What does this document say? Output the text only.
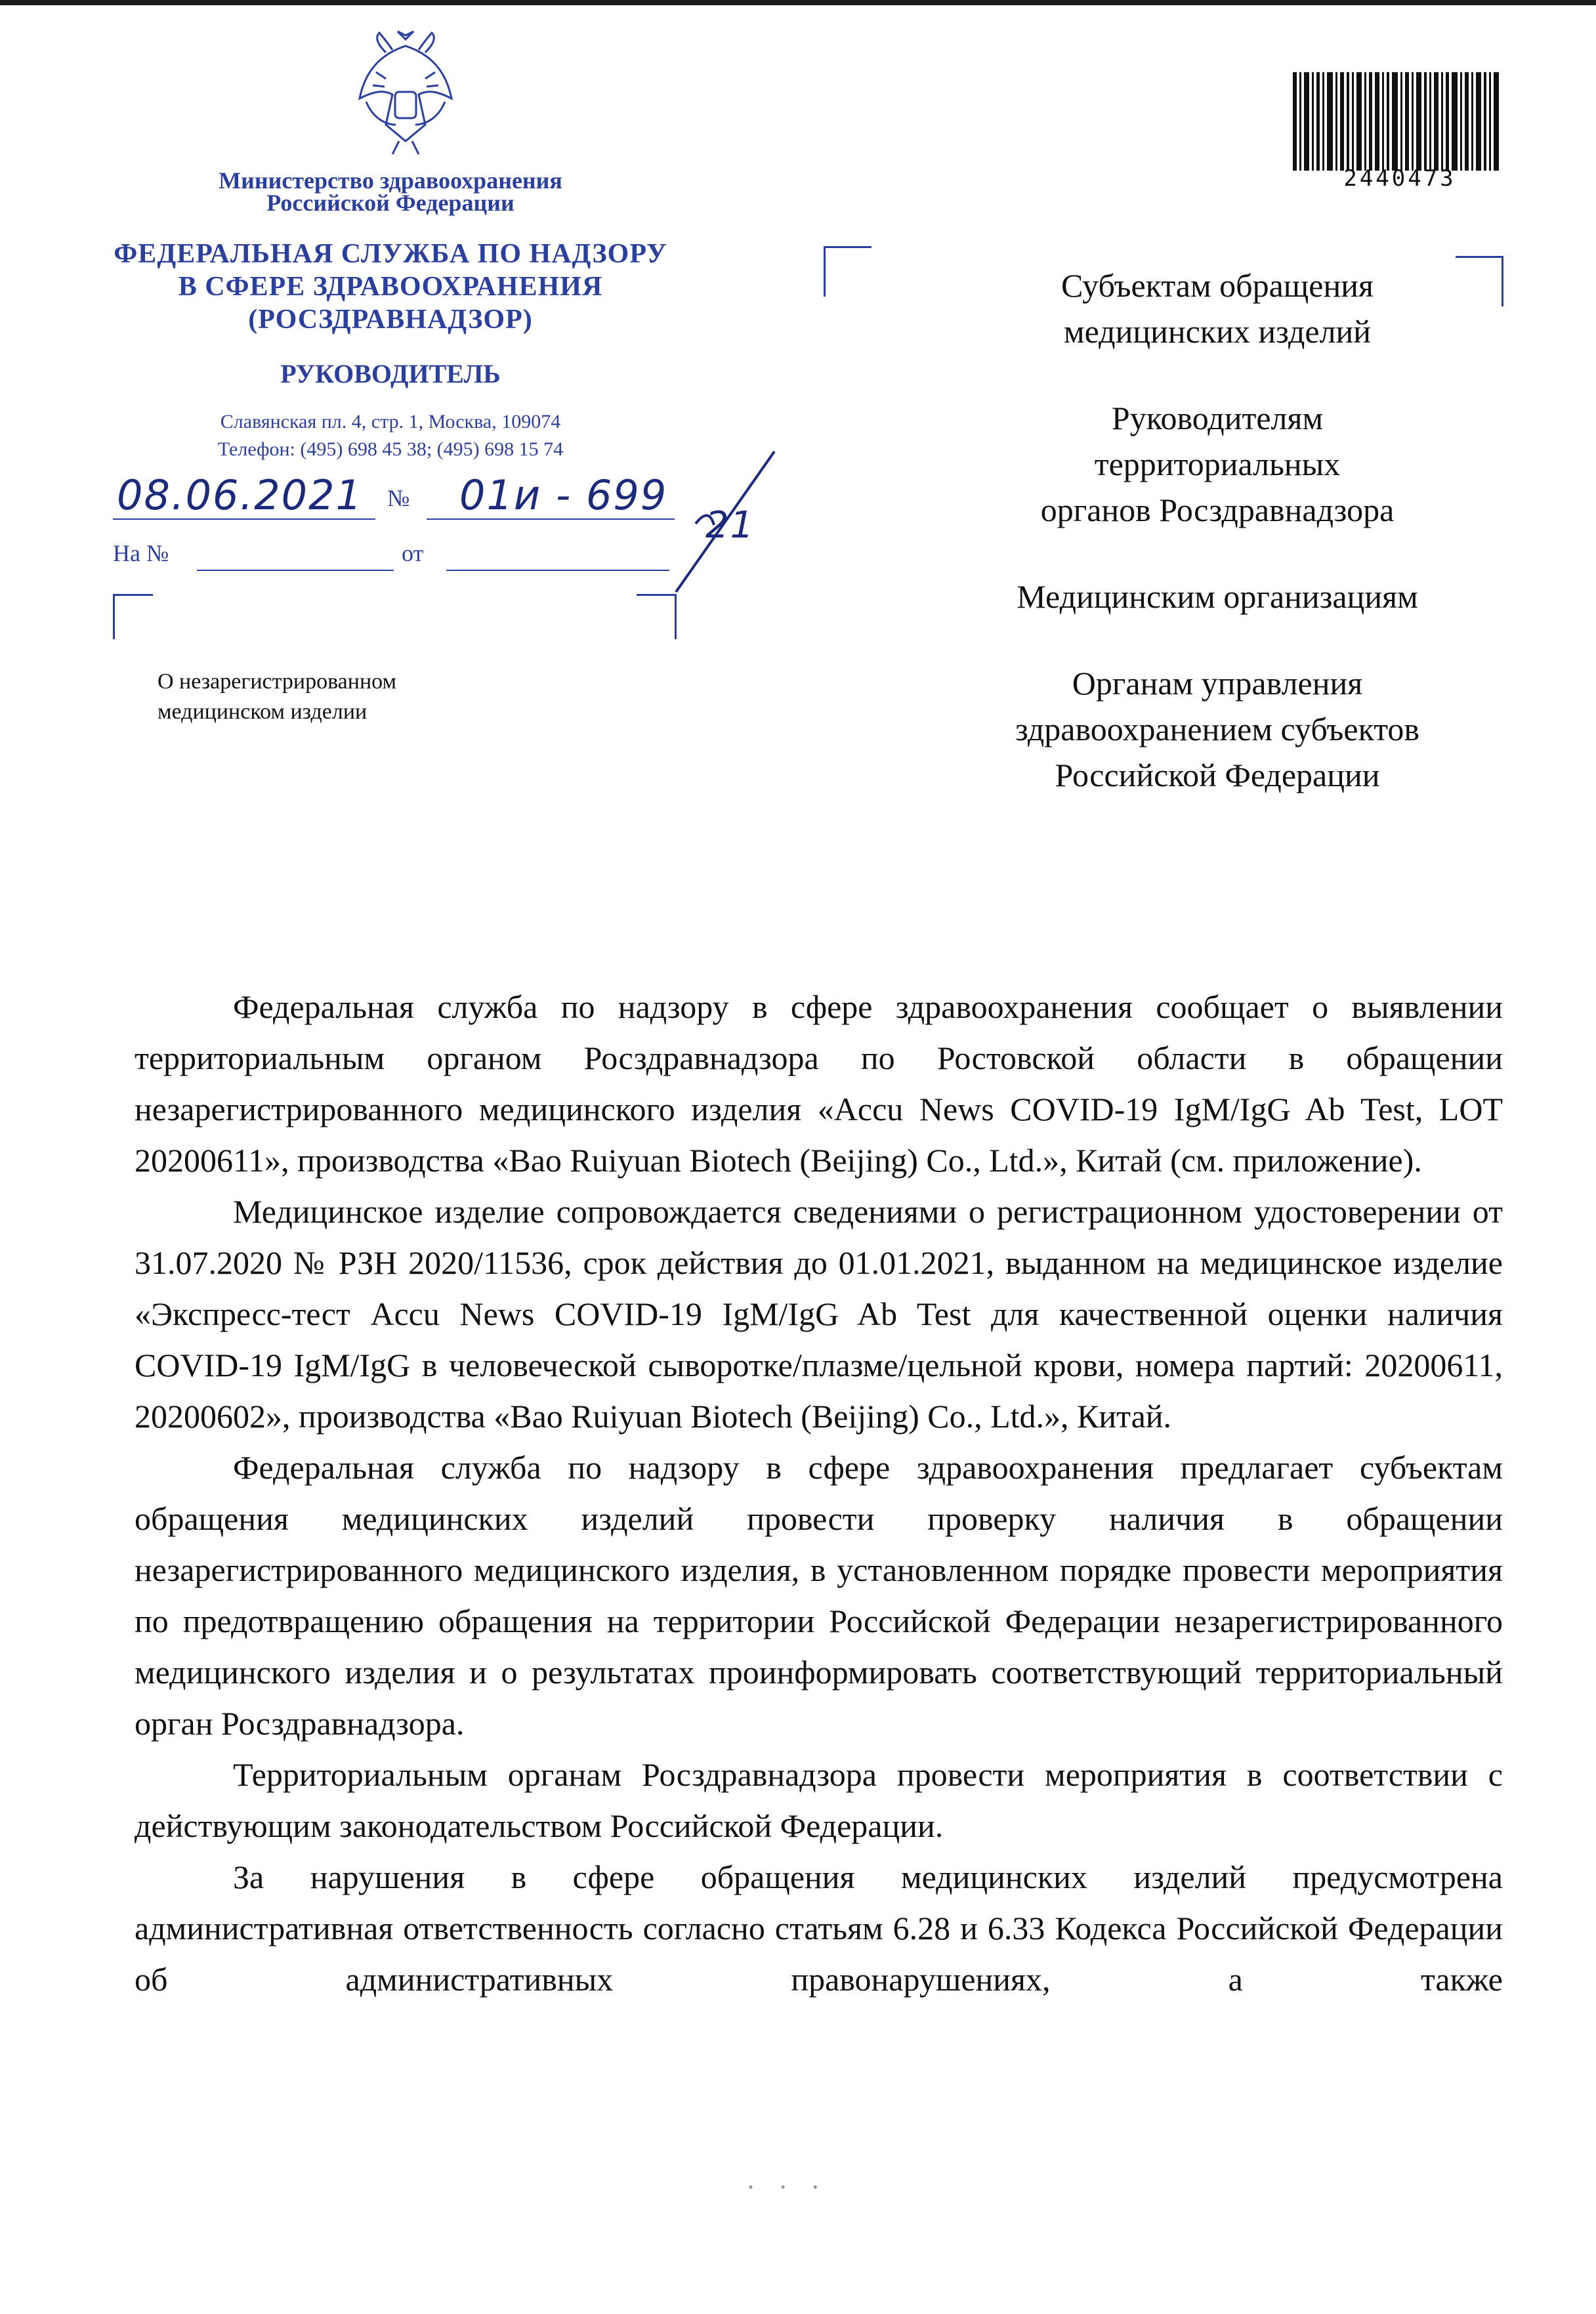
Министерство здравоохранения
Российской Федерации
ФЕДЕРАЛЬНАЯ СЛУЖБА ПО НАДЗОРУ
В СФЕРЕ ЗДРАВООХРАНЕНИЯ
(РОСЗДРАВНАДЗОР)
РУКОВОДИТЕЛЬ
Славянская пл. 4, стр. 1, Москва, 109074
Телефон: (495) 698 45 38; (495) 698 15 74
08.06.2021 № 01и - 699
21
На №	от
О незарегистрированном
медицинском изделии
2440473
Субъектам обращения
медицинских изделий
Руководителям
территориальных
органов Росздравнадзора
Медицинским организациям
Органам управления
здравоохранением субъектов
Российской Федерации

Федеральная служба по надзору в сфере здравоохранения сообщает о выявлении территориальным органом Росздравнадзора по Ростовской области в обращении незарегистрированного медицинского изделия «Accu News COVID-19 IgM/IgG Ab Test, LOT 20200611», производства «Bao Ruiyuan Biotech (Beijing) Co., Ltd.», Китай (см. приложение).

Медицинское изделие сопровождается сведениями о регистрационном удостоверении от 31.07.2020 № РЗН 2020/11536, срок действия до 01.01.2021, выданном на медицинское изделие «Экспресс-тест Accu News COVID-19 IgM/IgG Ab Test для качественной оценки наличия COVID-19 IgM/IgG в человеческой сыворотке/плазме/цельной крови, номера партий: 20200611, 20200602», производства «Bao Ruiyuan Biotech (Beijing) Co., Ltd.», Китай.

Федеральная служба по надзору в сфере здравоохранения предлагает субъектам обращения медицинских изделий провести проверку наличия в обращении незарегистрированного медицинского изделия, в установленном порядке провести мероприятия по предотвращению обращения на территории Российской Федерации незарегистрированного медицинского изделия и о результатах проинформировать соответствующий территориальный орган Росздравнадзора.

Территориальным органам Росздравнадзора провести мероприятия в соответствии с действующим законодательством Российской Федерации.

За нарушения в сфере обращения медицинских изделий предусмотрена административная ответственность согласно статьям 6.28 и 6.33 Кодекса Российской Федерации об административных правонарушениях, а также

• • •
